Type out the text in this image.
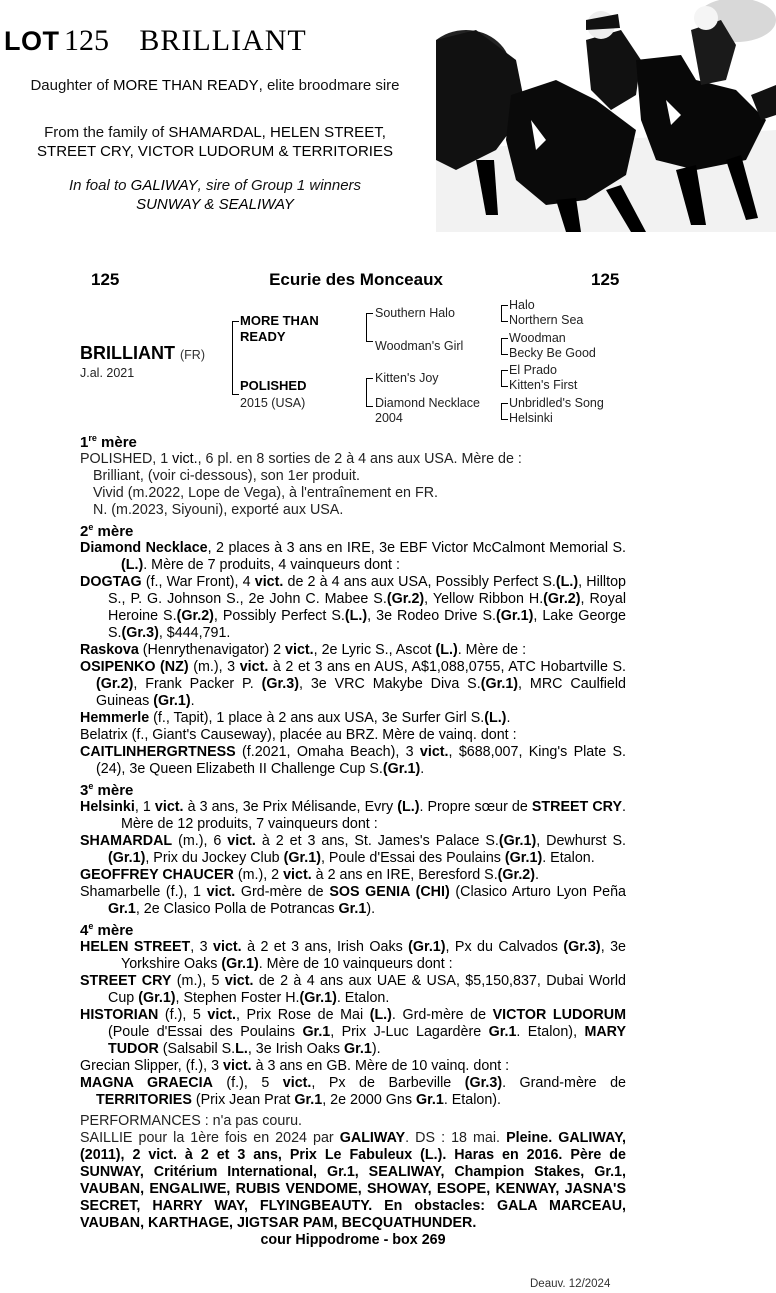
LOT 125 BRILLIANT
Daughter of MORE THAN READY, elite broodmare sire
From the family of SHAMARDAL, HELEN STREET,
STREET CRY, VICTOR LUDORUM & TERRITORIES
In foal to GALIWAY, sire of Group 1 winners
SUNWAY & SEALIWAY
125	Ecurie des Monceaux	125
BRILLIANT (FR)
J.al. 2021
MORE THAN
READY
POLISHED
2015 (USA)
Southern Halo
Woodman's Girl
Kitten's Joy
Diamond Necklace
2004
Halo
Northern Sea
Woodman
Becky Be Good
El Prado
Kitten's First
Unbridled's Song
Helsinki

1re mère

POLISHED, 1 vict., 6 pl. en 8 sorties de 2 à 4 ans aux USA. Mère de :

Brilliant, (voir ci-dessous), son 1er produit.

Vivid (m.2022, Lope de Vega), à l'entraînement en FR.

N. (m.2023, Siyouni), exporté aux USA.

2e mère

Diamond Necklace, 2 places à 3 ans en IRE, 3e EBF Victor McCalmont Memorial S.(L.). Mère de 7 produits, 4 vainqueurs dont :

DOGTAG (f., War Front), 4 vict. de 2 à 4 ans aux USA, Possibly Perfect S.(L.), Hilltop S., P. G. Johnson S., 2e John C. Mabee S.(Gr.2), Yellow Ribbon H.(Gr.2), Royal Heroine S.(Gr.2), Possibly Perfect S.(L.), 3e Rodeo Drive S.(Gr.1), Lake George S.(Gr.3), $444,791.

Raskova (Henrythenavigator) 2 vict., 2e Lyric S., Ascot (L.). Mère de :

OSIPENKO (NZ) (m.), 3 vict. à 2 et 3 ans en AUS, A$1,088,0755, ATC Hobartville S.(Gr.2), Frank Packer P. (Gr.3), 3e VRC Makybe Diva S.(Gr.1), MRC Caulfield Guineas (Gr.1).

Hemmerle (f., Tapit), 1 place à 2 ans aux USA, 3e Surfer Girl S.(L.).

Belatrix (f., Giant's Causeway), placée au BRZ. Mère de vainq. dont :

CAITLINHERGRTNESS (f.2021, Omaha Beach), 3 vict., $688,007, King's Plate S. (24), 3e Queen Elizabeth II Challenge Cup S.(Gr.1).

3e mère

Helsinki, 1 vict. à 3 ans, 3e Prix Mélisande, Evry (L.). Propre sœur de STREET CRY. Mère de 12 produits, 7 vainqueurs dont :

SHAMARDAL (m.), 6 vict. à 2 et 3 ans, St. James's Palace S.(Gr.1), Dewhurst S.(Gr.1), Prix du Jockey Club (Gr.1), Poule d'Essai des Poulains (Gr.1). Etalon.

GEOFFREY CHAUCER (m.), 2 vict. à 2 ans en IRE, Beresford S.(Gr.2).

Shamarbelle (f.), 1 vict. Grd-mère de SOS GENIA (CHI) (Clasico Arturo Lyon Peña Gr.1, 2e Clasico Polla de Potrancas Gr.1).

4e mère

HELEN STREET, 3 vict. à 2 et 3 ans, Irish Oaks (Gr.1), Px du Calvados (Gr.3), 3e Yorkshire Oaks (Gr.1). Mère de 10 vainqueurs dont :

STREET CRY (m.), 5 vict. de 2 à 4 ans aux UAE & USA, $5,150,837, Dubai World Cup (Gr.1), Stephen Foster H.(Gr.1). Etalon.

HISTORIAN (f.), 5 vict., Prix Rose de Mai (L.). Grd-mère de VICTOR LUDORUM (Poule d'Essai des Poulains Gr.1, Prix J-Luc Lagardère Gr.1. Etalon), MARY TUDOR (Salsabil S.L., 3e Irish Oaks Gr.1).

Grecian Slipper, (f.), 3 vict. à 3 ans en GB. Mère de 10 vainq. dont :

MAGNA GRAECIA (f.), 5 vict., Px de Barbeville (Gr.3). Grand-mère de TERRITORIES (Prix Jean Prat Gr.1, 2e 2000 Gns Gr.1. Etalon).

PERFORMANCES : n'a pas couru.

SAILLIE pour la 1ère fois en 2024 par GALIWAY. DS : 18 mai. Pleine. GALIWAY, (2011), 2 vict. à 2 et 3 ans, Prix Le Fabuleux (L.). Haras en 2016. Père de SUNWAY, Critérium International, Gr.1, SEALIWAY, Champion Stakes, Gr.1, VAUBAN, ENGALIWE, RUBIS VENDOME, SHOWAY, ESOPE, KENWAY, JASNA'S SECRET, HARRY WAY, FLYINGBEAUTY. En obstacles: GALA MARCEAU, VAUBAN, KARTHAGE, JIGTSAR PAM, BECQUATHUNDER.

cour Hippodrome - box 269

Deauv. 12/2024
